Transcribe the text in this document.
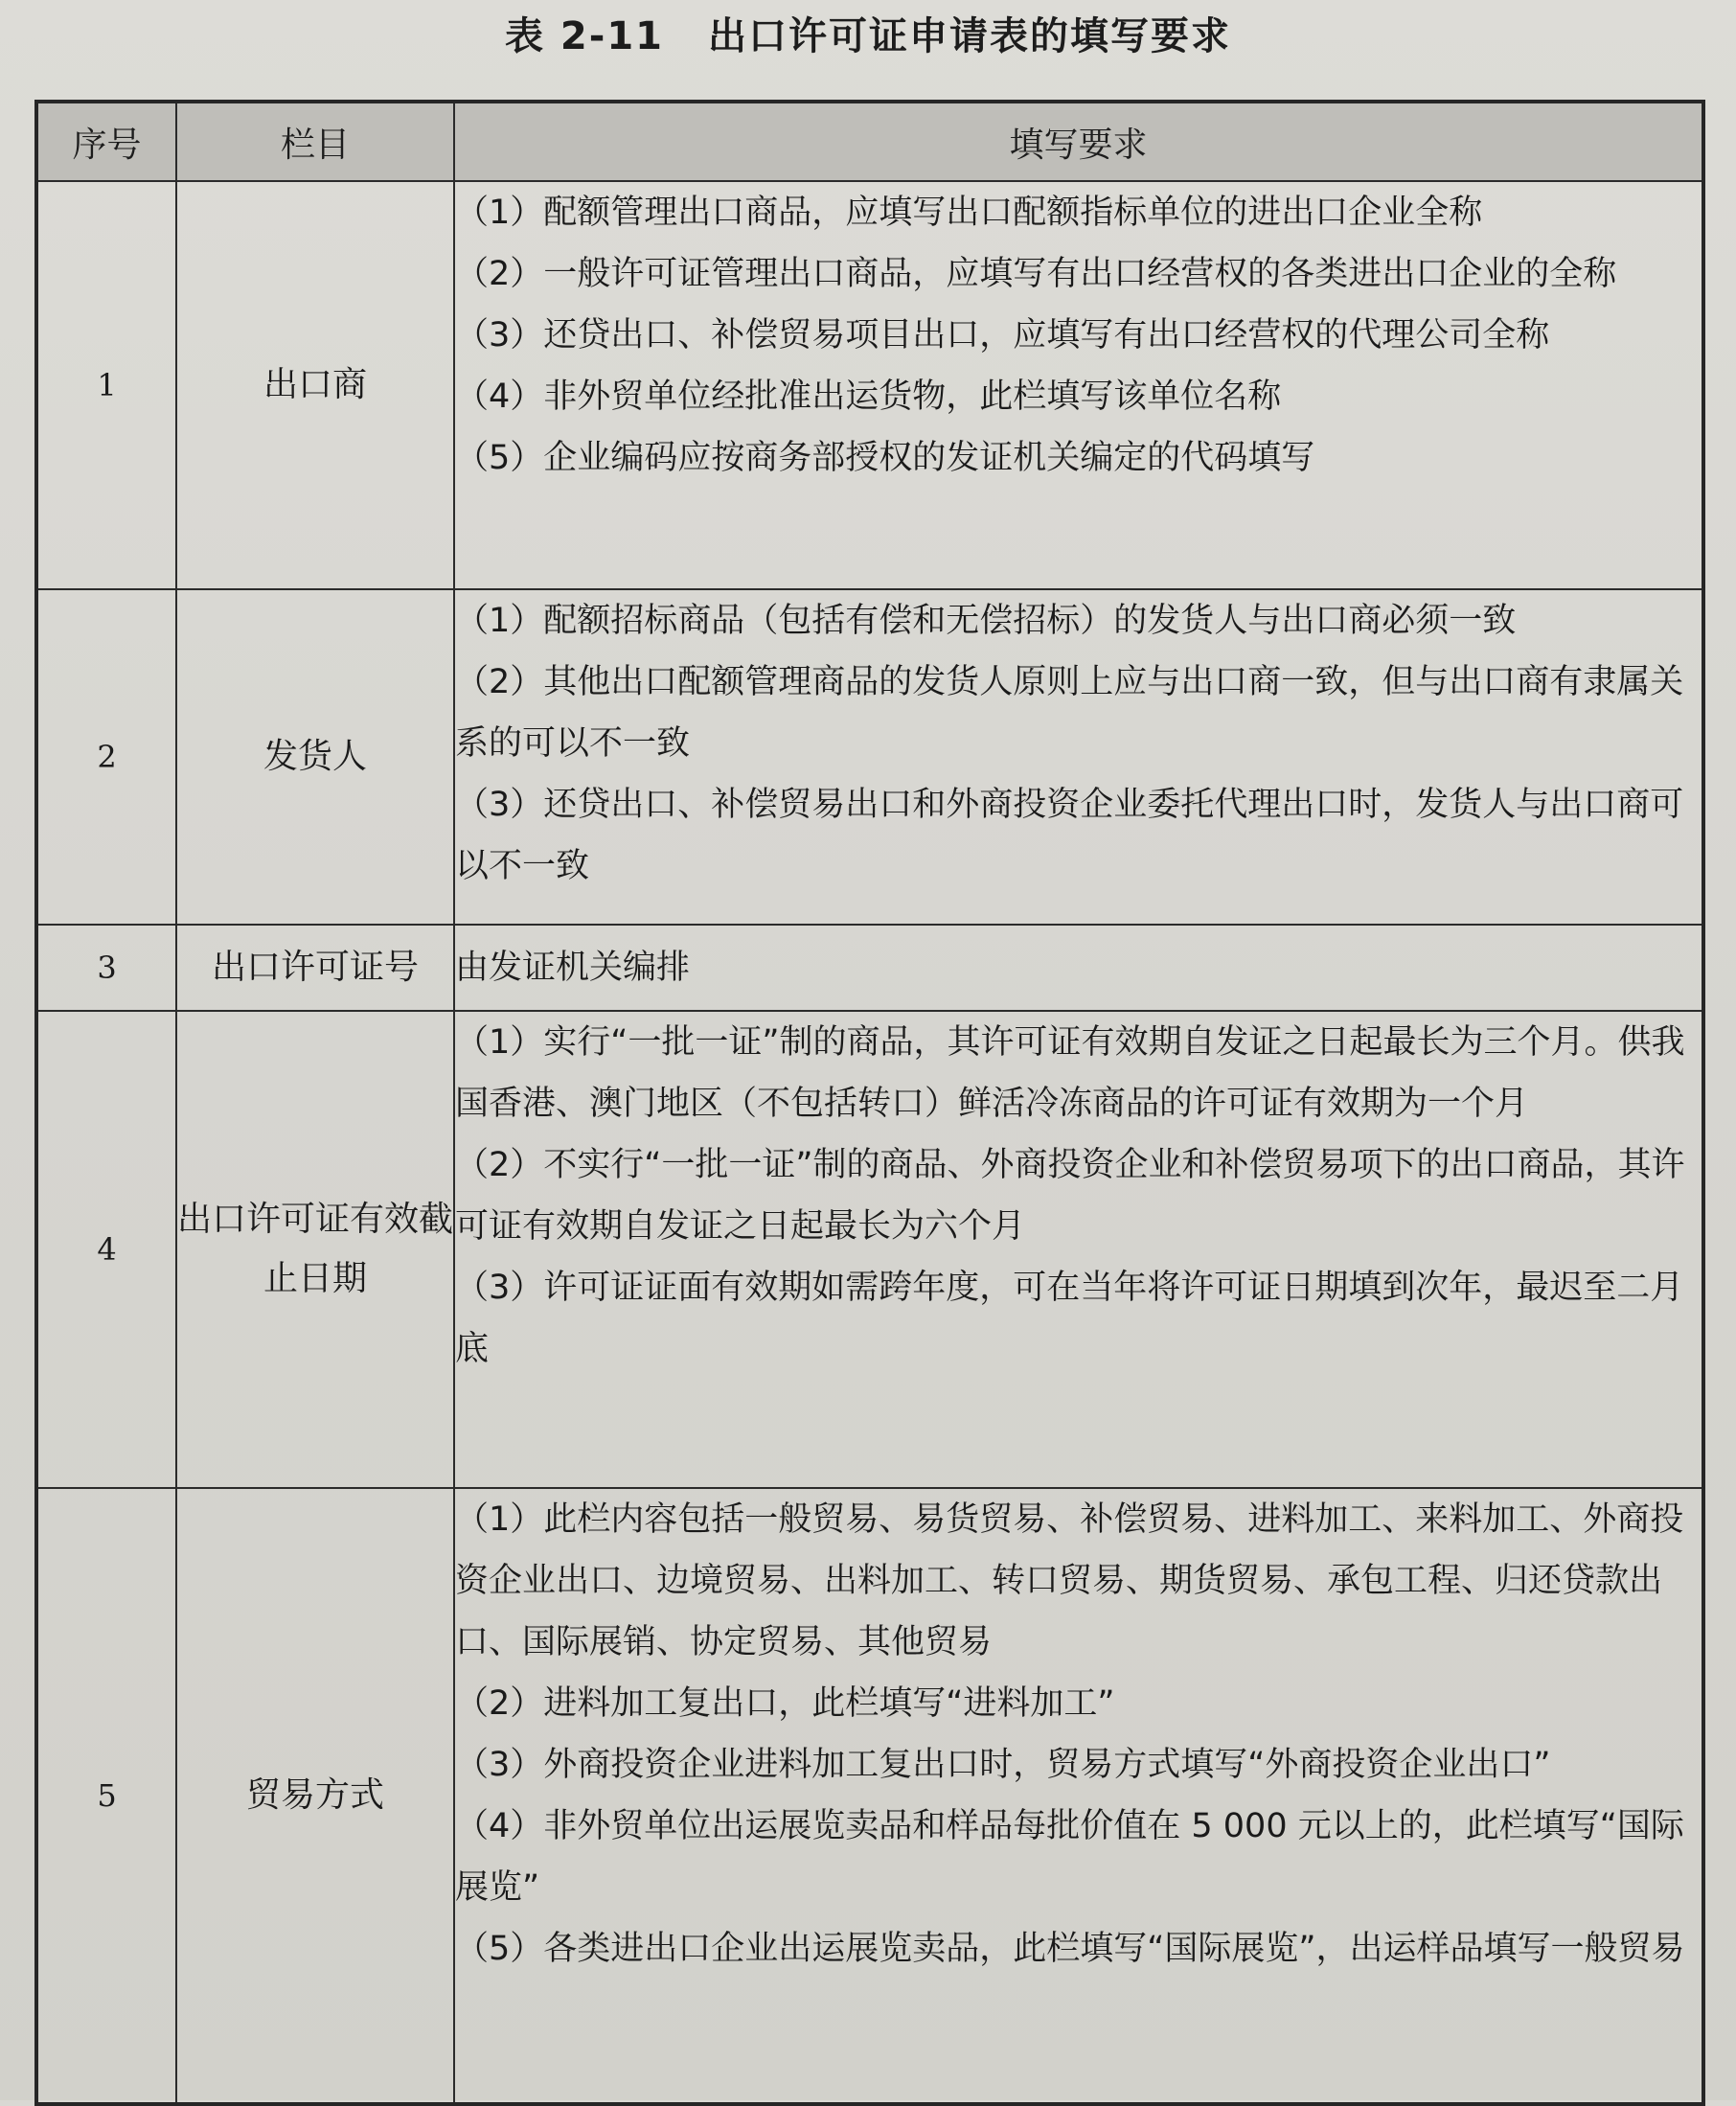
表 2-11 出口许可证申请表的填写要求
序号	栏目	填写要求
1	出口商	（1）配额管理出口商品，应填写出口配额指标单位的进出口企业全称
（2）一般许可证管理出口商品，应填写有出口经营权的各类进出口企业的全称
（3）还贷出口、补偿贸易项目出口，应填写有出口经营权的代理公司全称
（4）非外贸单位经批准出运货物，此栏填写该单位名称
（5）企业编码应按商务部授权的发证机关编定的代码填写

2	发货人	（1）配额招标商品（包括有偿和无偿招标）的发货人与出口商必须一致
（2）其他出口配额管理商品的发货人原则上应与出口商一致，但与出口商有隶属关系的可以不一致
（3）还贷出口、补偿贸易出口和外商投资企业委托代理出口时，发货人与出口商可以不一致

3	出口许可证号	由发证机关编排

4	出口许可证有效截止日期	（1）实行“一批一证”制的商品，其许可证有效期自发证之日起最长为三个月。供我国香港、澳门地区（不包括转口）鲜活冷冻商品的许可证有效期为一个月
（2）不实行“一批一证”制的商品、外商投资企业和补偿贸易项下的出口商品，其许可证有效期自发证之日起最长为六个月
（3）许可证证面有效期如需跨年度，可在当年将许可证日期填到次年，最迟至二月底

5	贸易方式	（1）此栏内容包括一般贸易、易货贸易、补偿贸易、进料加工、来料加工、外商投资企业出口、边境贸易、出料加工、转口贸易、期货贸易、承包工程、归还贷款出口、国际展销、协定贸易、其他贸易
（2）进料加工复出口，此栏填写“进料加工”
（3）外商投资企业进料加工复出口时，贸易方式填写“外商投资企业出口”
（4）非外贸单位出运展览卖品和样品每批价值在 5 000 元以上的，此栏填写“国际展览”
（5）各类进出口企业出运展览卖品，此栏填写“国际展览”，出运样品填写一般贸易
